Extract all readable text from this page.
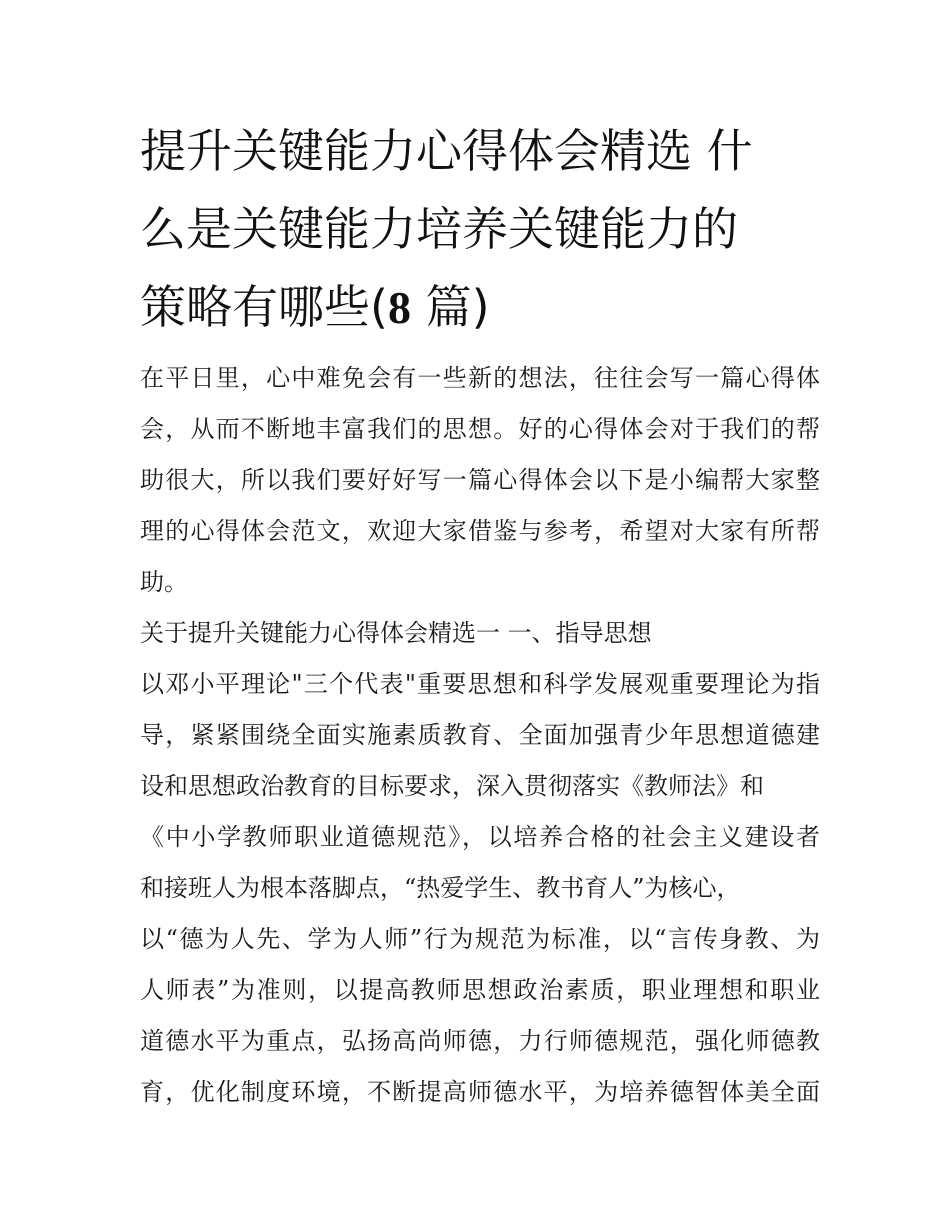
提升关键能力心得体会精选 什
么是关键能力培养关键能力的
策略有哪些(8 篇)
在平日里，心中难免会有一些新的想法，往往会写一篇心得体
会，从而不断地丰富我们的思想。好的心得体会对于我们的帮
助很大，所以我们要好好写一篇心得体会以下是小编帮大家整
理的心得体会范文，欢迎大家借鉴与参考，希望对大家有所帮
助。
关于提升关键能力心得体会精选一 一、指导思想
以邓小平理论"三个代表"重要思想和科学发展观重要理论为指
导，紧紧围绕全面实施素质教育、全面加强青少年思想道德建
设和思想政治教育的目标要求，深入贯彻落实《教师法》和
《中小学教师职业道德规范》，以培养合格的社会主义建设者
和接班人为根本落脚点，“热爱学生、教书育人”为核心，
以“德为人先、学为人师”行为规范为标准，以“言传身教、为
人师表”为准则，以提高教师思想政治素质，职业理想和职业
道德水平为重点，弘扬高尚师德，力行师德规范，强化师德教
育，优化制度环境，不断提高师德水平，为培养德智体美全面
